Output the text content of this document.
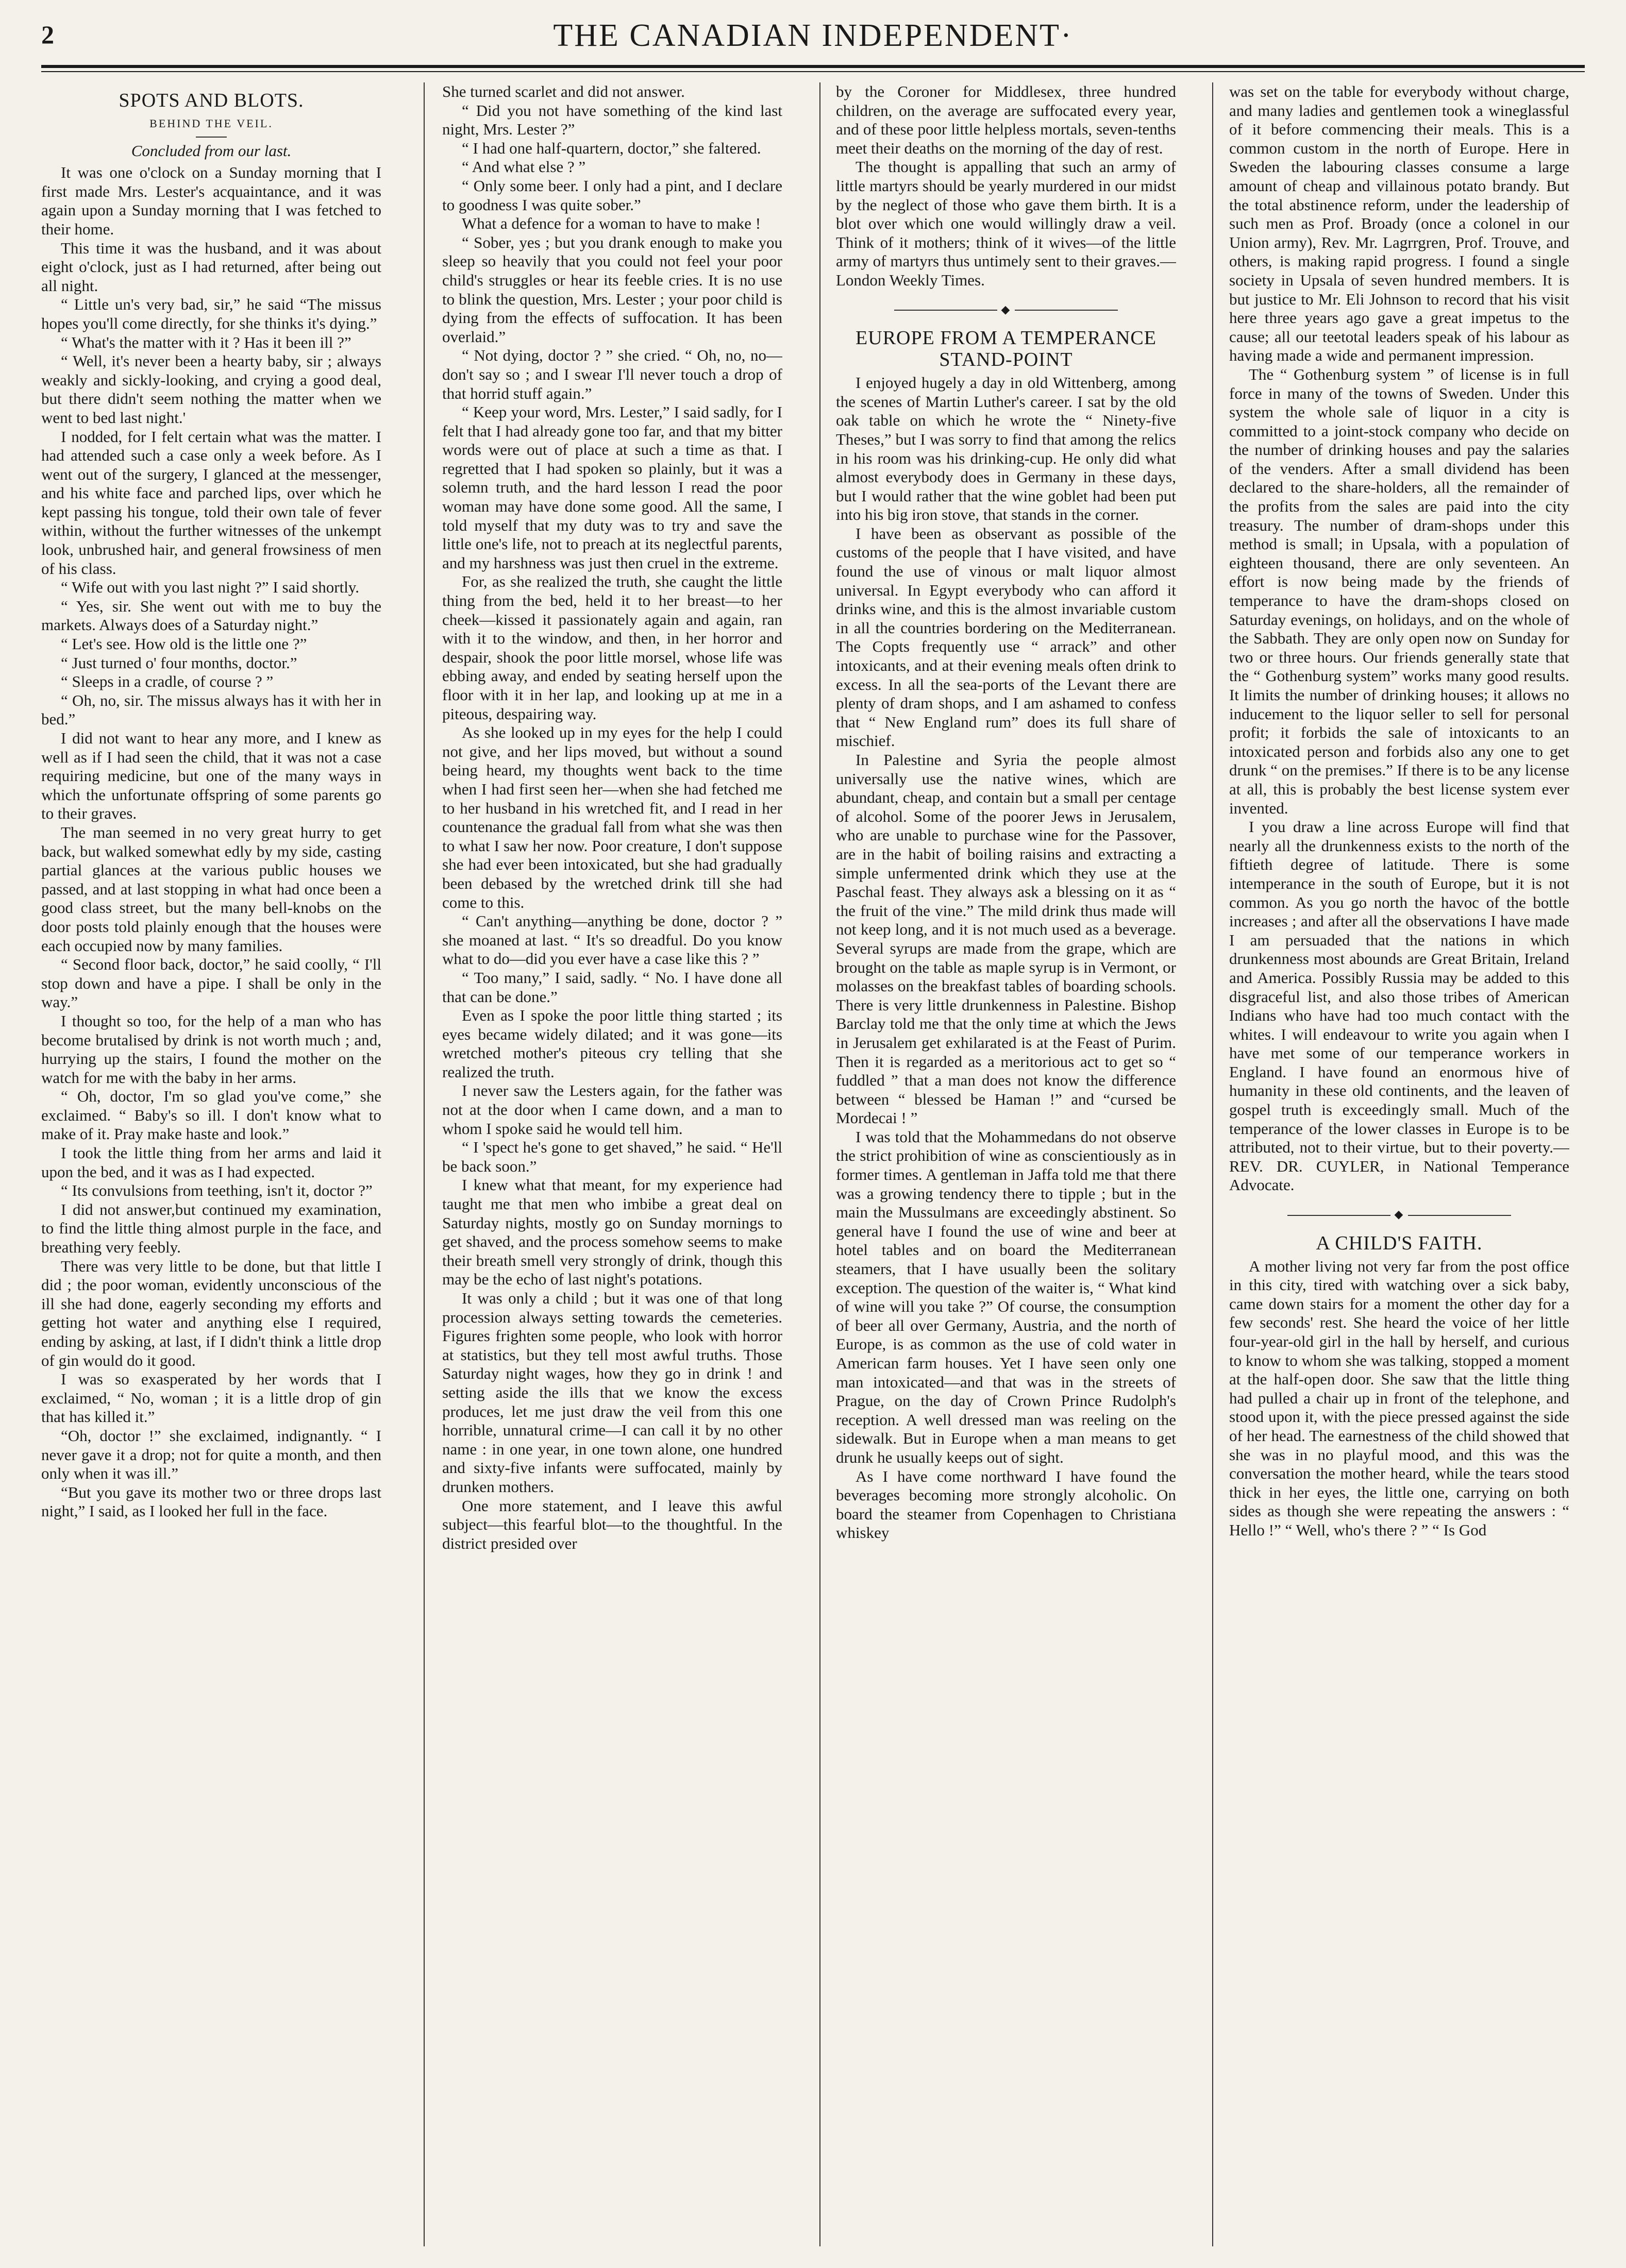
2	THE CANADIAN INDEPENDENT·
SPOTS AND BLOTS.
BEHIND THE VEIL.
Concluded from our last.

It was one o'clock on a Sunday morning that I first made Mrs. Lester's acquaintance, and it was again upon a Sunday morning that I was fetched to their home.

This time it was the husband, and it was about eight o'clock, just as I had returned, after being out all night.

“ Little un's very bad, sir,” he said “The missus hopes you'll come directly, for she thinks it's dying.”

“ What's the matter with it ? Has it been ill ?”

“ Well, it's never been a hearty baby, sir ; always weakly and sickly-looking, and crying a good deal, but there didn't seem nothing the matter when we went to bed last night.'

I nodded, for I felt certain what was the matter. I had attended such a case only a week before. As I went out of the surgery, I glanced at the messenger, and his white face and parched lips, over which he kept passing his tongue, told their own tale of fever within, without the further witnesses of the unkempt look, unbrushed hair, and general frowsiness of men of his class.

“ Wife out with you last night ?” I said shortly.

“ Yes, sir. She went out with me to buy the markets. Always does of a Saturday night.”

“ Let's see. How old is the little one ?”

“ Just turned o' four months, doctor.”

“ Sleeps in a cradle, of course ? ”

“ Oh, no, sir. The missus always has it with her in bed.”

I did not want to hear any more, and I knew as well as if I had seen the child, that it was not a case requiring medicine, but one of the many ways in which the unfortunate offspring of some parents go to their graves.

The man seemed in no very great hurry to get back, but walked somewhat edly by my side, casting partial glances at the various public houses we passed, and at last stopping in what had once been a good class street, but the many bell-knobs on the door posts told plainly enough that the houses were each occupied now by many families.

“ Second floor back, doctor,” he said coolly, “ I'll stop down and have a pipe. I shall be only in the way.”

I thought so too, for the help of a man who has become brutalised by drink is not worth much ; and, hurrying up the stairs, I found the mother on the watch for me with the baby in her arms.

“ Oh, doctor, I'm so glad you've come,” she exclaimed. “ Baby's so ill. I don't know what to make of it. Pray make haste and look.”

I took the little thing from her arms and laid it upon the bed, and it was as I had expected.

“ Its convulsions from teething, isn't it, doctor ?”

I did not answer,but continued my examination, to find the little thing almost purple in the face, and breathing very feebly.

There was very little to be done, but that little I did ; the poor woman, evidently unconscious of the ill she had done, eagerly seconding my efforts and getting hot water and anything else I required, ending by asking, at last, if I didn't think a little drop of gin would do it good.

I was so exasperated by her words that I exclaimed, “ No, woman ; it is a little drop of gin that has killed it.”

“Oh, doctor !” she exclaimed, indignantly. “ I never gave it a drop; not for quite a month, and then only when it was ill.”

“But you gave its mother two or three drops last night,” I said, as I looked her full in the face.

She turned scarlet and did not answer.

“ Did you not have something of the kind last night, Mrs. Lester ?”

“ I had one half-quartern, doctor,” she faltered.

“ And what else ? ”

“ Only some beer. I only had a pint, and I declare to goodness I was quite sober.”

What a defence for a woman to have to make !

“ Sober, yes ; but you drank enough to make you sleep so heavily that you could not feel your poor child's struggles or hear its feeble cries. It is no use to blink the question, Mrs. Lester ; your poor child is dying from the effects of suffocation. It has been overlaid.”

“ Not dying, doctor ? ” she cried. “ Oh, no, no—don't say so ; and I swear I'll never touch a drop of that horrid stuff again.”

“ Keep your word, Mrs. Lester,” I said sadly, for I felt that I had already gone too far, and that my bitter words were out of place at such a time as that. I regretted that I had spoken so plainly, but it was a solemn truth, and the hard lesson I read the poor woman may have done some good. All the same, I told myself that my duty was to try and save the little one's life, not to preach at its neglectful parents, and my harshness was just then cruel in the extreme.

For, as she realized the truth, she caught the little thing from the bed, held it to her breast—to her cheek—kissed it passionately again and again, ran with it to the window, and then, in her horror and despair, shook the poor little morsel, whose life was ebbing away, and ended by seating herself upon the floor with it in her lap, and looking up at me in a piteous, despairing way.

As she looked up in my eyes for the help I could not give, and her lips moved, but without a sound being heard, my thoughts went back to the time when I had first seen her—when she had fetched me to her husband in his wretched fit, and I read in her countenance the gradual fall from what she was then to what I saw her now. Poor creature, I don't suppose she had ever been intoxicated, but she had gradually been debased by the wretched drink till she had come to this.

“ Can't anything—anything be done, doctor ? ” she moaned at last. “ It's so dreadful. Do you know what to do—did you ever have a case like this ? ”

“ Too many,” I said, sadly. “ No. I have done all that can be done.”

Even as I spoke the poor little thing started ; its eyes became widely dilated; and it was gone—its wretched mother's piteous cry telling that she realized the truth.

I never saw the Lesters again, for the father was not at the door when I came down, and a man to whom I spoke said he would tell him.

“ I 'spect he's gone to get shaved,” he said. “ He'll be back soon.”

I knew what that meant, for my experience had taught me that men who imbibe a great deal on Saturday nights, mostly go on Sunday mornings to get shaved, and the process somehow seems to make their breath smell very strongly of drink, though this may be the echo of last night's potations.

It was only a child ; but it was one of that long procession always setting towards the cemeteries. Figures frighten some people, who look with horror at statistics, but they tell most awful truths. Those Saturday night wages, how they go in drink ! and setting aside the ills that we know the excess produces, let me just draw the veil from this one horrible, unnatural crime—I can call it by no other name : in one year, in one town alone, one hundred and sixty-five infants were suffocated, mainly by drunken mothers.

One more statement, and I leave this awful subject—this fearful blot—to the thoughtful. In the district presided over

by the Coroner for Middlesex, three hundred children, on the average are suffocated every year, and of these poor little helpless mortals, seven-tenths meet their deaths on the morning of the day of rest.

The thought is appalling that such an army of little martyrs should be yearly murdered in our midst by the neglect of those who gave them birth. It is a blot over which one would willingly draw a veil. Think of it mothers; think of it wives—of the little army of martyrs thus untimely sent to their graves.—London Weekly Times.

◆
EUROPE FROM A TEMPERANCE STAND-POINT

I enjoyed hugely a day in old Wittenberg, among the scenes of Martin Luther's career. I sat by the old oak table on which he wrote the “ Ninety-five Theses,” but I was sorry to find that among the relics in his room was his drinking-cup. He only did what almost everybody does in Germany in these days, but I would rather that the wine goblet had been put into his big iron stove, that stands in the corner.

I have been as observant as possible of the customs of the people that I have visited, and have found the use of vinous or malt liquor almost universal. In Egypt everybody who can afford it drinks wine, and this is the almost invariable custom in all the countries bordering on the Mediterranean. The Copts frequently use “ arrack” and other intoxicants, and at their evening meals often drink to excess. In all the sea-ports of the Levant there are plenty of dram shops, and I am ashamed to confess that “ New England rum” does its full share of mischief.

In Palestine and Syria the people almost universally use the native wines, which are abundant, cheap, and contain but a small per centage of alcohol. Some of the poorer Jews in Jerusalem, who are unable to purchase wine for the Passover, are in the habit of boiling raisins and extracting a simple unfermented drink which they use at the Paschal feast. They always ask a blessing on it as “ the fruit of the vine.” The mild drink thus made will not keep long, and it is not much used as a beverage. Several syrups are made from the grape, which are brought on the table as maple syrup is in Vermont, or molasses on the breakfast tables of boarding schools. There is very little drunkenness in Palestine. Bishop Barclay told me that the only time at which the Jews in Jerusalem get exhilarated is at the Feast of Purim. Then it is regarded as a meritorious act to get so “ fuddled ” that a man does not know the difference between “ blessed be Haman !” and “cursed be Mordecai ! ”

I was told that the Mohammedans do not observe the strict prohibition of wine as conscientiously as in former times. A gentleman in Jaffa told me that there was a growing tendency there to tipple ; but in the main the Mussulmans are exceedingly abstinent. So general have I found the use of wine and beer at hotel tables and on board the Mediterranean steamers, that I have usually been the solitary exception. The question of the waiter is, “ What kind of wine will you take ?” Of course, the consumption of beer all over Germany, Austria, and the north of Europe, is as common as the use of cold water in American farm houses. Yet I have seen only one man intoxicated—and that was in the streets of Prague, on the day of Crown Prince Rudolph's reception. A well dressed man was reeling on the sidewalk. But in Europe when a man means to get drunk he usually keeps out of sight.

As I have come northward I have found the beverages becoming more strongly alcoholic. On board the steamer from Copenhagen to Christiana whiskey

was set on the table for everybody without charge, and many ladies and gentlemen took a wineglassful of it before commencing their meals. This is a common custom in the north of Europe. Here in Sweden the labouring classes consume a large amount of cheap and villainous potato brandy. But the total abstinence reform, under the leadership of such men as Prof. Broady (once a colonel in our Union army), Rev. Mr. Lagrrgren, Prof. Trouve, and others, is making rapid progress. I found a single society in Upsala of seven hundred members. It is but justice to Mr. Eli Johnson to record that his visit here three years ago gave a great impetus to the cause; all our teetotal leaders speak of his labour as having made a wide and permanent impression.

The “ Gothenburg system ” of license is in full force in many of the towns of Sweden. Under this system the whole sale of liquor in a city is committed to a joint-stock company who decide on the number of drinking houses and pay the salaries of the venders. After a small dividend has been declared to the share-holders, all the remainder of the profits from the sales are paid into the city treasury. The number of dram-shops under this method is small; in Upsala, with a population of eighteen thousand, there are only seventeen. An effort is now being made by the friends of temperance to have the dram-shops closed on Saturday evenings, on holidays, and on the whole of the Sabbath. They are only open now on Sunday for two or three hours. Our friends generally state that the “ Gothenburg system” works many good results. It limits the number of drinking houses; it allows no inducement to the liquor seller to sell for personal profit; it forbids the sale of intoxicants to an intoxicated person and forbids also any one to get drunk “ on the premises.” If there is to be any license at all, this is probably the best license system ever invented.

I you draw a line across Europe will find that nearly all the drunkenness exists to the north of the fiftieth degree of latitude. There is some intemperance in the south of Europe, but it is not common. As you go north the havoc of the bottle increases ; and after all the observations I have made I am persuaded that the nations in which drunkenness most abounds are Great Britain, Ireland and America. Possibly Russia may be added to this disgraceful list, and also those tribes of American Indians who have had too much contact with the whites. I will endeavour to write you again when I have met some of our temperance workers in England. I have found an enormous hive of humanity in these old continents, and the leaven of gospel truth is exceedingly small. Much of the temperance of the lower classes in Europe is to be attributed, not to their virtue, but to their poverty.—REV. DR. CUYLER, in National Temperance Advocate.

◆
A CHILD'S FAITH.

A mother living not very far from the post office in this city, tired with watching over a sick baby, came down stairs for a moment the other day for a few seconds' rest. She heard the voice of her little four-year-old girl in the hall by herself, and curious to know to whom she was talking, stopped a moment at the half-open door. She saw that the little thing had pulled a chair up in front of the telephone, and stood upon it, with the piece pressed against the side of her head. The earnestness of the child showed that she was in no playful mood, and this was the conversation the mother heard, while the tears stood thick in her eyes, the little one, carrying on both sides as though she were repeating the answers : “ Hello !” “ Well, who's there ? ” “ Is God
